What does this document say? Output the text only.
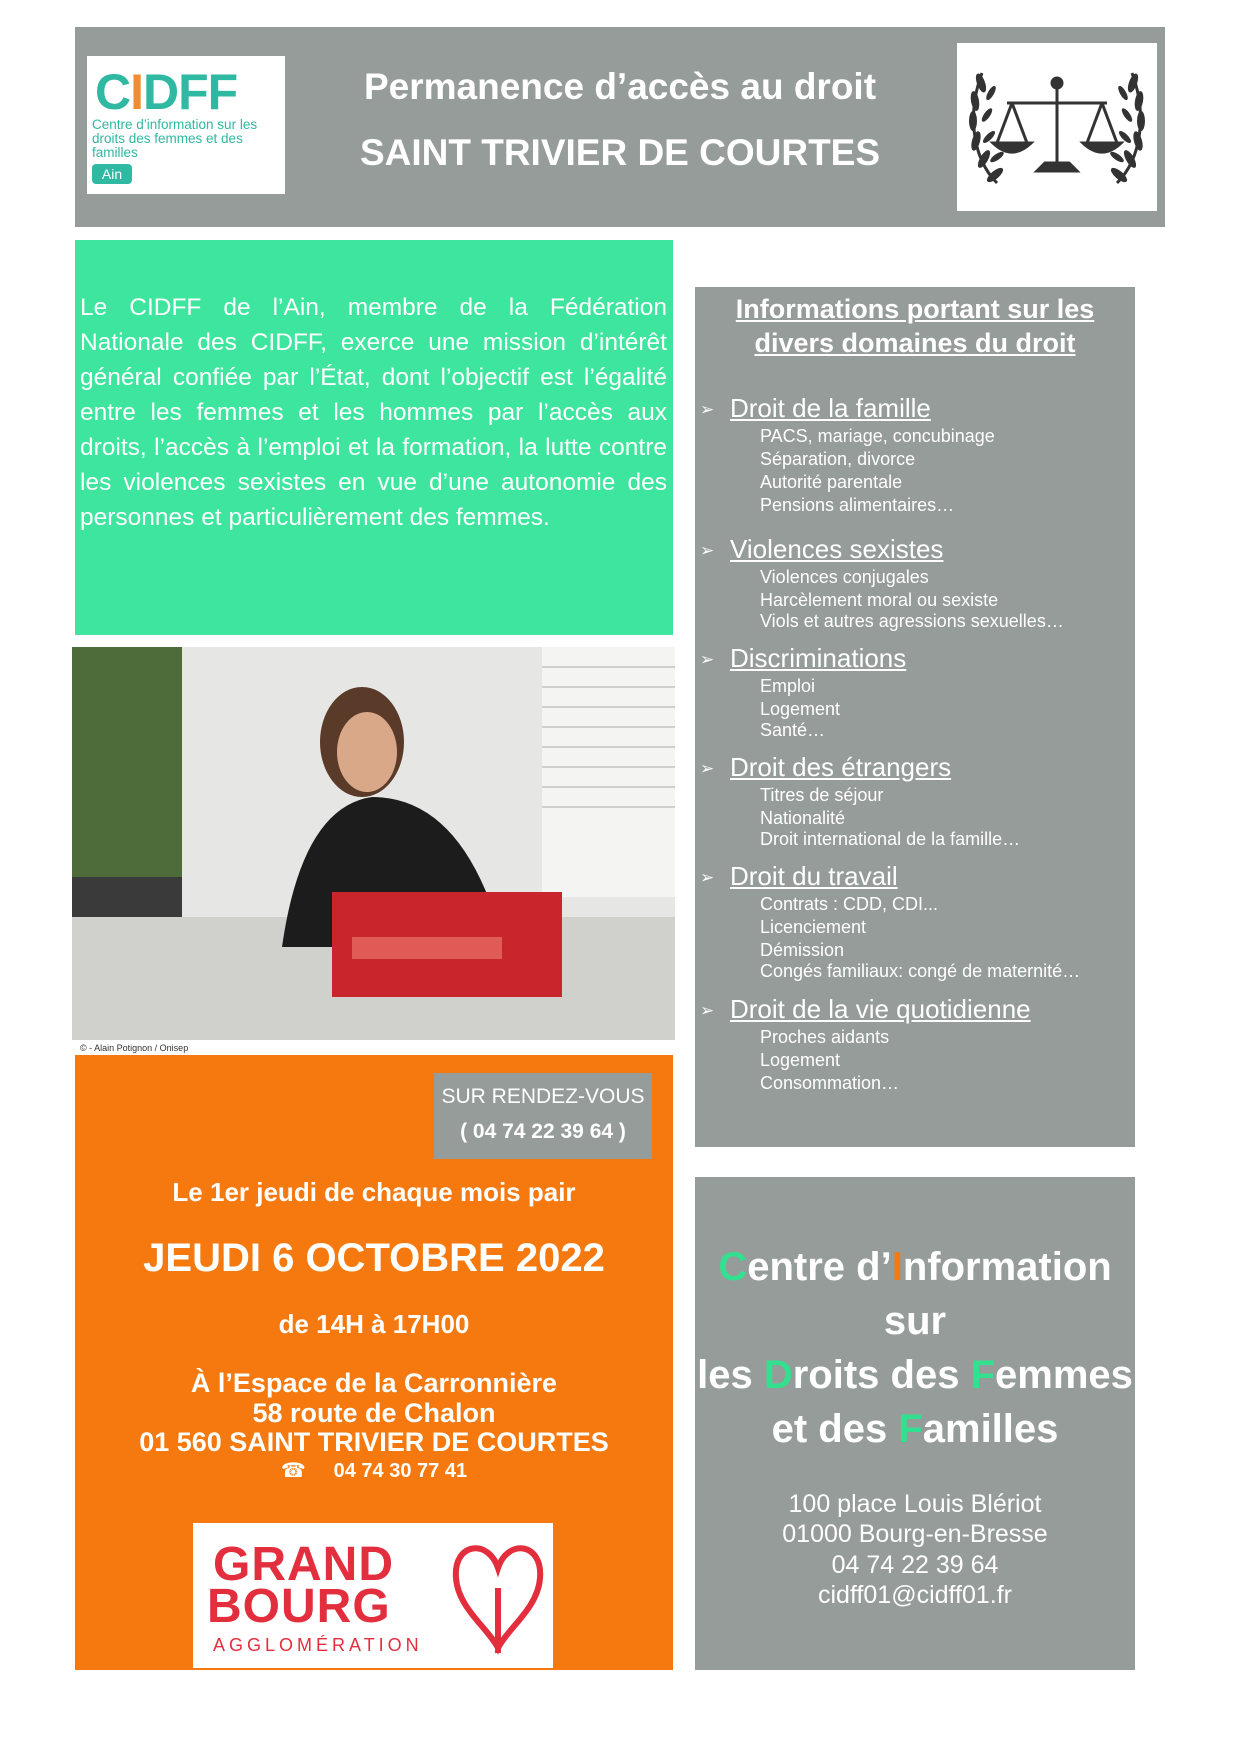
CIDFF
Centre d’information sur les droits des femmes et des familles
Ain
Permanence d’accès au droit
SAINT TRIVIER DE COURTES
Le CIDFF de l’Ain, membre de la Fédération Nationale des CIDFF, exerce une mission d’intérêt général confiée par l’État, dont l’objectif est l’égalité entre les femmes et les hommes par l’accès aux droits, l’accès à l’emploi et la formation, la lutte contre les violences sexistes en vue d’une autonomie des personnes et particulièrement des femmes.
© - Alain Potignon / Onisep
SUR RENDEZ-VOUS
( 04 74 22 39 64 )
Le 1er jeudi de chaque mois pair
JEUDI 6 OCTOBRE 2022
de 14H à 17H00
À l’Espace de la Carronnière
58 route de Chalon
01 560 SAINT TRIVIER DE COURTES
☎ 04 74 30 77 41
GRAND
BOURG
AGGLOMÉRATION
Informations portant sur les
divers domaines du droit
➢ Droit de la famille
PACS, mariage, concubinage
Séparation, divorce
Autorité parentale
Pensions alimentaires…
➢ Violences sexistes
Violences conjugales
Harcèlement moral ou sexiste
Viols et autres agressions sexuelles…
➢ Discriminations
Emploi
Logement
Santé…
➢ Droit des étrangers
Titres de séjour
Nationalité
Droit international de la famille…
➢ Droit du travail
Contrats : CDD, CDI...
Licenciement
Démission
Congés familiaux: congé de maternité…
➢ Droit de la vie quotidienne
Proches aidants
Logement
Consommation…
Centre d’Information
sur
les Droits des Femmes
et des Familles
100 place Louis Blériot
01000 Bourg-en-Bresse
04 74 22 39 64
cidff01@cidff01.fr
